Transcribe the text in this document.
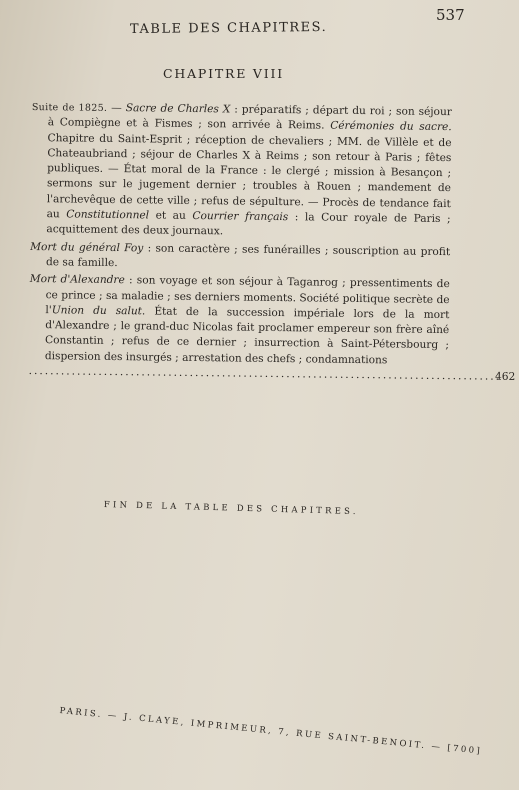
TABLE DES CHAPITRES.
537
CHAPITRE VIII

Suite de 1825. — Sacre de Charles X : préparatifs ; départ du roi ; son séjour à Compiègne et à Fismes ; son arrivée à Reims. Cérémonies du sacre. Chapitre du Saint-Esprit ; réception de chevaliers ; MM. de Villèle et de Chateaubriand ; séjour de Charles X à Reims ; son retour à Paris ; fêtes publiques. — État moral de la France : le clergé ; mission à Besançon ; sermons sur le jugement dernier ; troubles à Rouen ; mandement de l'archevêque de cette ville ; refus de sépulture. — Procès de tendance fait au Constitutionnel et au Courrier français : la Cour royale de Paris ; acquittement des deux journaux.

Mort du général Foy : son caractère ; ses funérailles ; souscription au profit de sa famille.

Mort d'Alexandre : son voyage et son séjour à Taganrog ; pressentiments de ce prince ; sa maladie ; ses derniers moments. Société politique secrète de l'Union du salut. État de la succession impériale lors de la mort d'Alexandre ; le grand-duc Nicolas fait proclamer empereur son frère aîné Constantin ; refus de ce dernier ; insurrection à Saint-Pétersbourg ; dispersion des insurgés ; arrestation des chefs ; condamnations
........................................................................................
462

FIN DE LA TABLE DES CHAPITRES.
PARIS. — J. CLAYE, IMPRIMEUR, 7, RUE SAINT-BENOIT. — [700]
